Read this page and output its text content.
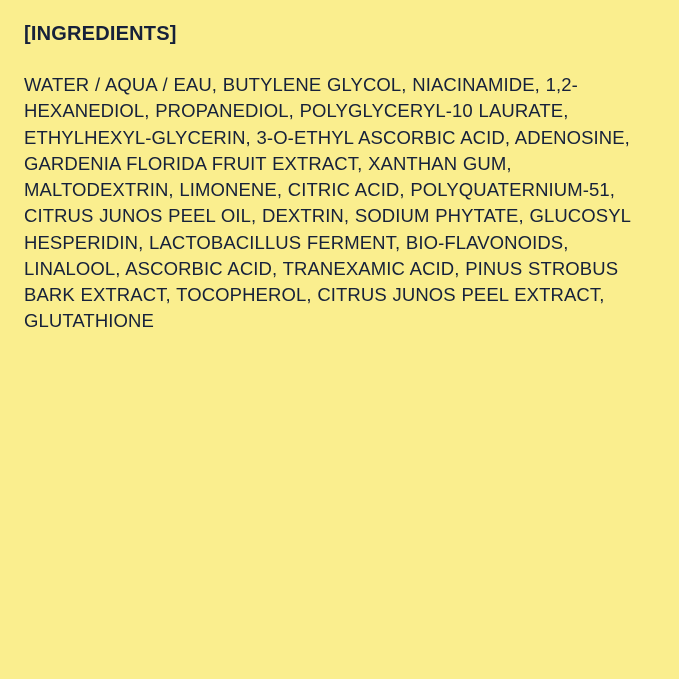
[INGREDIENTS]

WATER / AQUA / EAU, BUTYLENE GLYCOL, NIACINAMIDE, 1,2-HEXANEDIOL, PROPANEDIOL, POLYGLYCERYL-10 LAURATE, ETHYLHEXYL-GLYCERIN, 3-O-ETHYL ASCORBIC ACID, ADENOSINE, GARDENIA FLORIDA FRUIT EXTRACT, XANTHAN GUM, MALTODEXTRIN, LIMONENE, CITRIC ACID, POLYQUATERNIUM-51, CITRUS JUNOS PEEL OIL, DEXTRIN, SODIUM PHYTATE, GLUCOSYL HESPERIDIN, LACTOBACILLUS FERMENT, BIO-FLAVONOIDS, LINALOOL, ASCORBIC ACID, TRANEXAMIC ACID, PINUS STROBUS BARK EXTRACT, TOCOPHEROL, CITRUS JUNOS PEEL EXTRACT, GLUTATHIONE
